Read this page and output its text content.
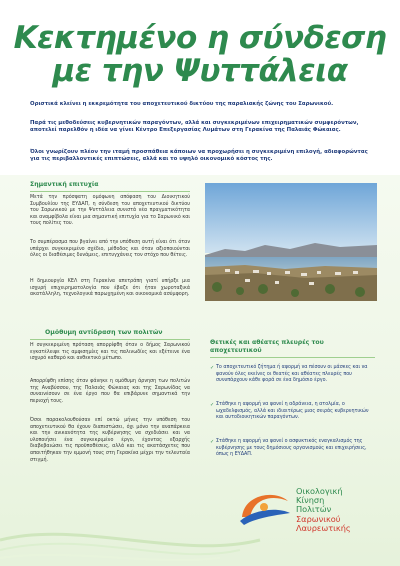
Κεκτημένο η σύνδεση
με την Ψυττάλεια
Οριστικά κλείνει η εκκρεμότητα του αποχετευτικού δικτύου της παραλιακής ζώνης του Σαρωνικού.
Παρά τις μεθοδεύσεις κυβερνητικών παραγόντων, αλλά και συγκεκριμένων επιχειρηματικών συμφερόντων, αποτελεί παρελθόν η ιδέα να γίνει Κέντρο Επεξεργασίας Λυμάτων στη Γερακίνα της Παλαιάς Φώκαιας.
Όλοι γνωρίζουν πλέον την ιταμή προσπάθεια κάποιων να προχωρήσει η συγκεκριμένη επιλογή, αδιαφορώντας για τις περιβαλλοντικές επιπτώσεις, αλλά και το υψηλό οικονομικό κόστος της.
Σημαντική επιτυχία
Μετά την πρόσφατη ομόφωνη απόφαση του Διοικητικού Συμβουλίου της ΕΥΔΑΠ, η σύνδεση του αποχετευτικού δικτύου του Σαρωνικού με την Ψυττάλεια συνιστά νέα πραγματικότητα και αναμφίβολα είναι μια σημαντική επιτυχία για το Σαρωνικό και τους πολίτες του.
Το συμπέρασμα που βγαίνει από την υπόθεση αυτή είναι ότι όταν υπάρχει συγκεκριμένο σχέδιο, μέθοδος και όταν αξιοποιούνται όλες οι διαθέσιμες δυνάμεις, επιτυγχάνεις τον στόχο που θέτεις.
Η δημιουργία ΚΕΛ στη Γερακίνα απετράπη γιατί υπήρξε μια ισχυρή επιχειρηματολογία που έβαζε ότι ήταν χωροταξικά ακατάλληλη, τεχνολογικά παρωχημένη και οικονομικά ασύμφορη.
Ομόθυμη αντίδραση των πολιτών
Η συγκεκριμένη πρόταση απορρίφθη όταν ο δήμος Σαρωνικού εγκατέλειψε τις αμφισημίες και τις παλινωδίες και εξέτεινε ένα ισχυρό καθαρό και ανθεκτικό μέτωπο.
Απορρίφθη επίσης όταν φάνηκε η ομόθυμη άρνηση των πολιτών της Αναβύσσου, της Παλαιάς Φώκαιας και της Σαρωνίδας να συναινέσουν σε ένα έργο που θα επιβάρυνε σημαντικά την περιοχή τους.
Όσοι παρακολουθούσαν επί οκτώ μήνες την υπόθεση του αποχετευτικού θα έχουν διαπιστώσει, όχι μόνο την αναπάρκεια και την ανικανότητα της κυβέρνησης να σχεδιάσει και να υλοποιήσει ένα συγκεκριμένο έργο, έχοντας εξαρχής διαβεβαιώσει τις προϋποθέσεις, αλλά και τις ακατάσχετες που απαιτήθηκαν την εμμονή τους στη Γερακίνα μέχρι την τελευταία στιγμή.
Θετικές και αθέατες πλευρές του αποχετευτικού
✓ Το αποχετευτικό ζήτημα ή αφορμή να πέσουν οι μάσκες και να φανούν όλες εκείνες οι θεατές και αθέατες πλευρές που συνυπάρχουν κάθε φορά σε ένα δημόσιο έργο.
✓ Στάθηκε η αφορμή να φανεί η αδράνεια, η ατολμία, ο ωχαδελφισμός, αλλά και ιδιαιτέρως μιας σειράς κυβερνητικών και αυτοδιοικητικών παραγόντων.
✓ Στάθηκε η αφορμή να φανεί ο ασφυκτικός εναγκαλισμός της κυβέρνησης με τους δημόσιους οργανισμούς και επιχειρήσεις, όπως η ΕΥΔΑΠ.
Οικολογική
Κίνηση
Πολιτών
Σαρωνικού
Λαυρεωτικής
